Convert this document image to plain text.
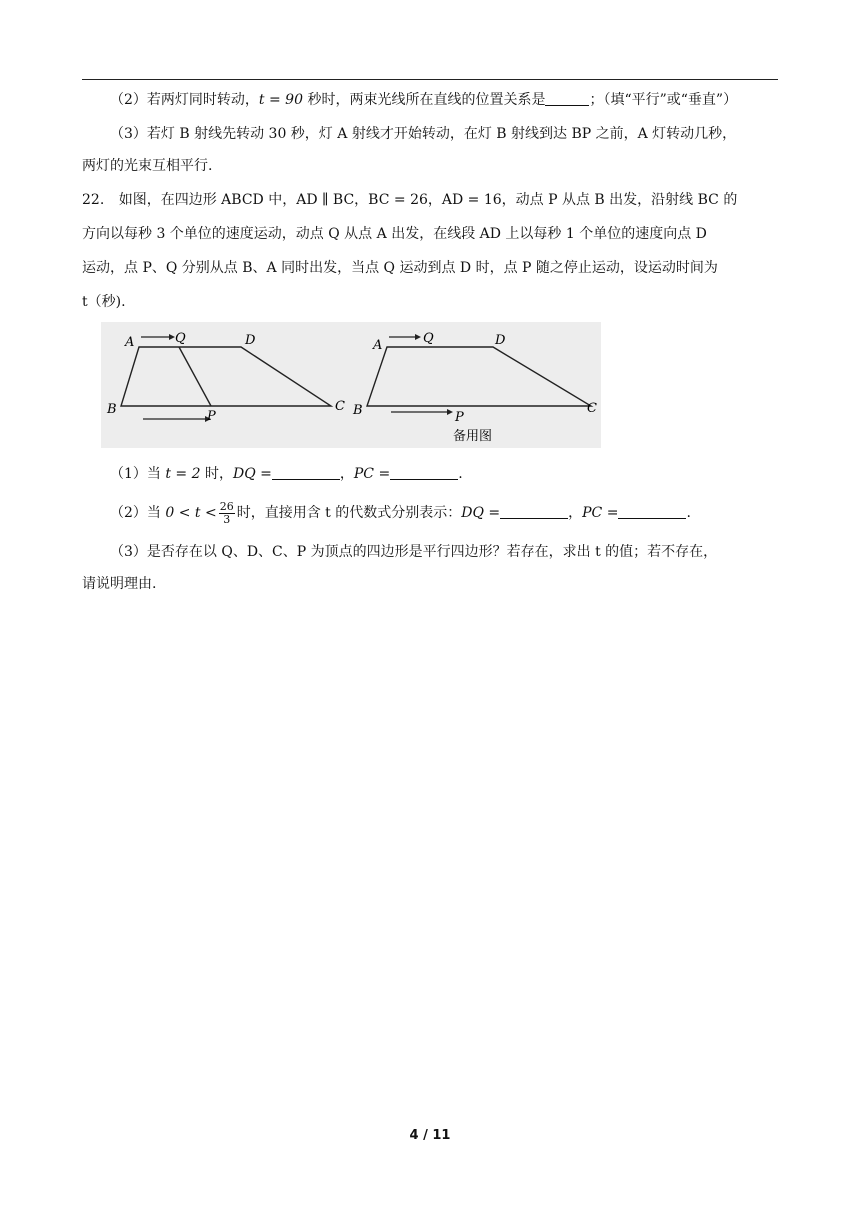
（2）若两灯同时转动，t = 90 秒时，两束光线所在直线的位置关系是	；（填“平行”或“垂直”）
（3）若灯 B 射线先转动 30 秒，灯 A 射线才开始转动，在灯 B 射线到达 BP 之前，A 灯转动几秒，
两灯的光束互相平行.
22. 如图，在四边形 ABCD 中，AD ∥ BC，BC = 26，AD = 16，动点 P 从点 B 出发，沿射线 BC 的
方向以每秒 3 个单位的速度运动，动点 Q 从点 A 出发，在线段 AD 上以每秒 1 个单位的速度向点 D
运动，点 P、Q 分别从点 B、A 同时出发，当点 Q 运动到点 D 时，点 P 随之停止运动，设运动时间为
t（秒).
A	Q	D
B	P
C
A	Q	D
B	P
C
备用图
（1）当 t = 2 时，DQ =	，PC =	.
（2）当 $0 < t < \frac{26}{3}$ 时，直接用含 t 的代数式分别表示：DQ =	，PC =	.
（3）是否存在以 Q、D、C、P 为顶点的四边形是平行四边形？若存在，求出 t 的值；若不存在，
请说明理由.
4 / 11
